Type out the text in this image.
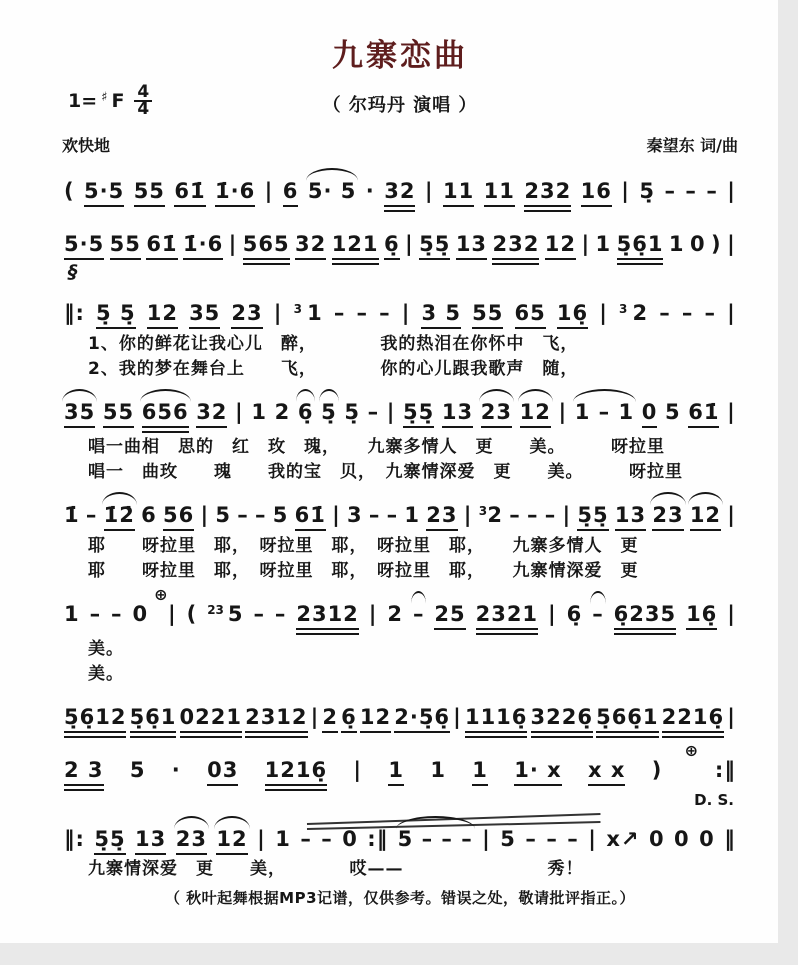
九寨恋曲
1= ♯ F 4
4	（ 尔玛丹 演唱 ）
欢快地	秦望东 词/曲
( 5·5 55 61̇ 1̇·6 | 6 5· 5 · 32 | 11 11 232 16 | 5̣ – – – |
5·5 55 61̇ 1̇·6 | 565 32 121 6̣ | 5̣5̣ 13 232 12 | 1 5̣6̣1 1 0 ) |
§
‖: 5̣ 5̣ 12 35 23 | 3 1 – – – | 3 5 55 65 16̣ | 3 2 – – – |
1、你的鲜花让我心儿　醉，　　　　我的热泪在你怀中　飞，
2、我的梦在舞台上　　飞，　　　　你的心儿跟我歌声　随，
35 55 656 32 | 1 2 6̣ 5̣ 5̣ – | 5̣5̣ 13 23 12 | 1 – 1 0 5 61̇ |
唱一曲相　思的　红　玫　瑰，　　九寨多情人　更　　美。　　　呀拉里
唱一　曲玫　　瑰　　我的宝　贝，　九寨情深爱　更　　美。　　　呀拉里
1̇ – 1̇2̇ 6 56 | 5 – – 5 61̇ | 3 – – 1 23 | 3 2 – – – | 5̣5̣ 13 23 12 |
耶　　呀拉里　耶，　呀拉里　耶，　呀拉里　耶，　　九寨多情人　更
耶　　呀拉里　耶，　呀拉里　耶，　呀拉里　耶，　　九寨情深爱　更
1 – – 0
⊕
| ( 23 5 – – 2312 | 2 – 25 2321 | 6̣ – 6̣235 16̣ |
美。
美。
5̣6̣12 5̣6̣1 0221 2312 | 2 6̣ 12 2·5̣6̣ | 1116̣ 3226̣ 5̣66̣1 2216̣ |
2 3 5 · 03 1216̣ | 1 1 1 1· x x x )
⊕
:‖
D. S.
‖: 5̣5̣ 13 23 12 | 1 – – 0 :‖ 5 – – – | 5 – – – | x↗ 0 0 0 ‖
九寨情深爱　更　　美，　　　　哎——　　　　　　　　秀！
（ 秋叶起舞根据MP3记谱，仅供参考。错误之处，敬请批评指正。）
